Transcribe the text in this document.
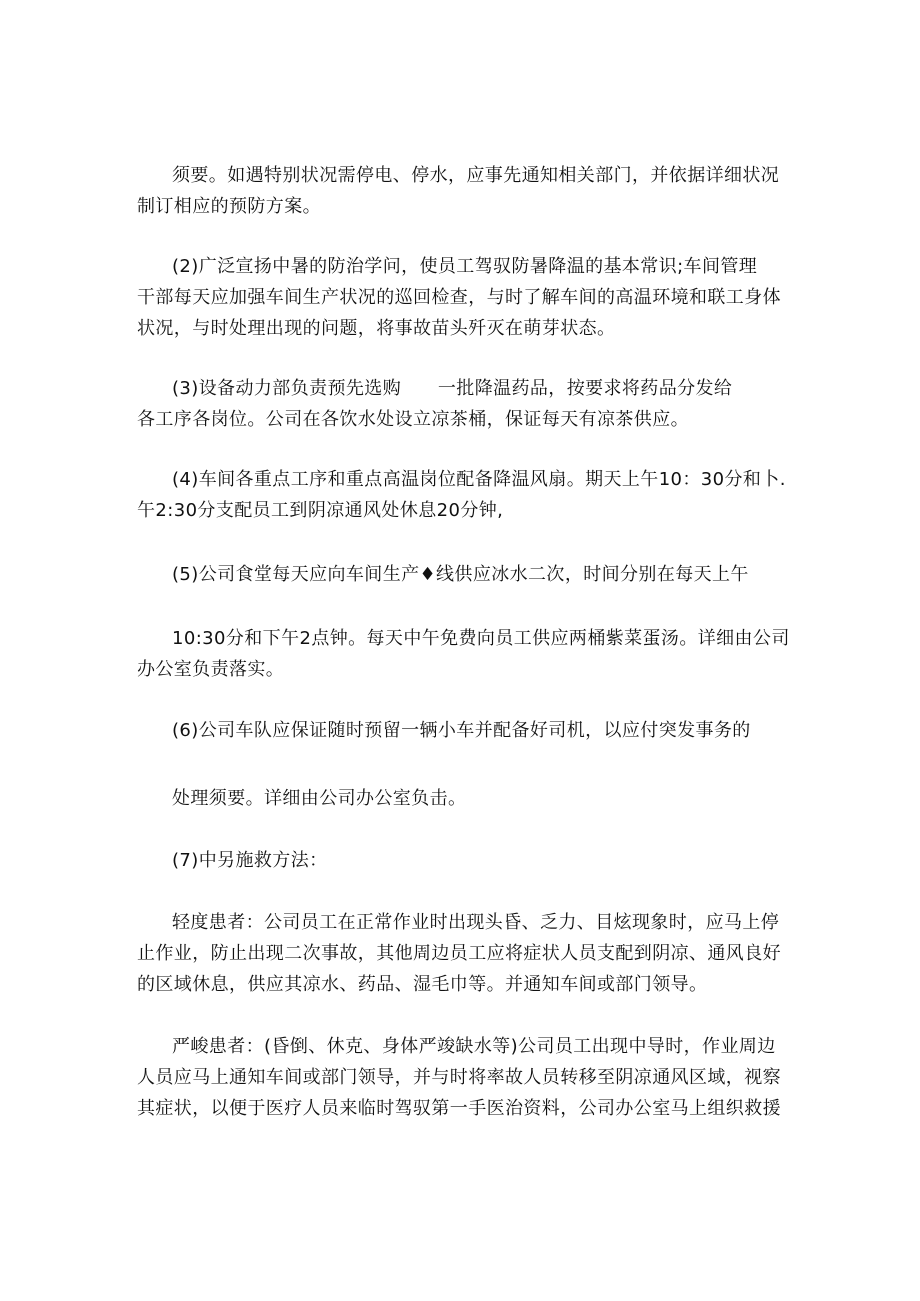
须要。如遇特别状况需停电、停水，应事先通知相关部门，并依据详细状况
制订相应的预防方案。
(2)广泛宣扬中暑的防治学问，使员工驾驭防暑降温的基本常识;车间管理
干部每天应加强车间生产状况的巡回检查，与时了解车间的高温环境和联工身体
状况，与时处理出现的问题，将事故苗头歼灭在萌芽状态。
(3)设备动力部负责预先选购　　一批降温药品，按要求将药品分发给
各工序各岗位。公司在各饮水处设立凉茶桶，保证每天有凉茶供应。
(4)车间各重点工序和重点高温岗位配备降温风扇。期天上午10：30分和卜.
午2:30分支配员工到阴凉通风处休息20分钟,
(5)公司食堂每天应向车间生产♦线供应冰水二次，时间分别在每天上午
10:30分和下午2点钟。每天中午免费向员工供应两桶紫菜蛋汤。详细由公司
办公室负责落实。
(6)公司车队应保证随时预留一辆小车并配备好司机，以应付突发事务的
处理须要。详细由公司办公室负击。
(7)中另施救方法：
轻度患者：公司员工在正常作业时出现头昏、乏力、目炫现象时，应马上停
止作业，防止出现二次事故，其他周边员工应将症状人员支配到阴凉、通风良好
的区域休息，供应其凉水、药品、湿毛巾等。并通知车间或部门领导。
严峻患者：(昏倒、休克、身体严竣缺水等)公司员工出现中导时，作业周边
人员应马上通知车间或部门领导，并与时将率故人员转移至阴凉通风区域，视察
其症状，以便于医疗人员来临时驾驭第一手医治资料，公司办公室马上组织救援
